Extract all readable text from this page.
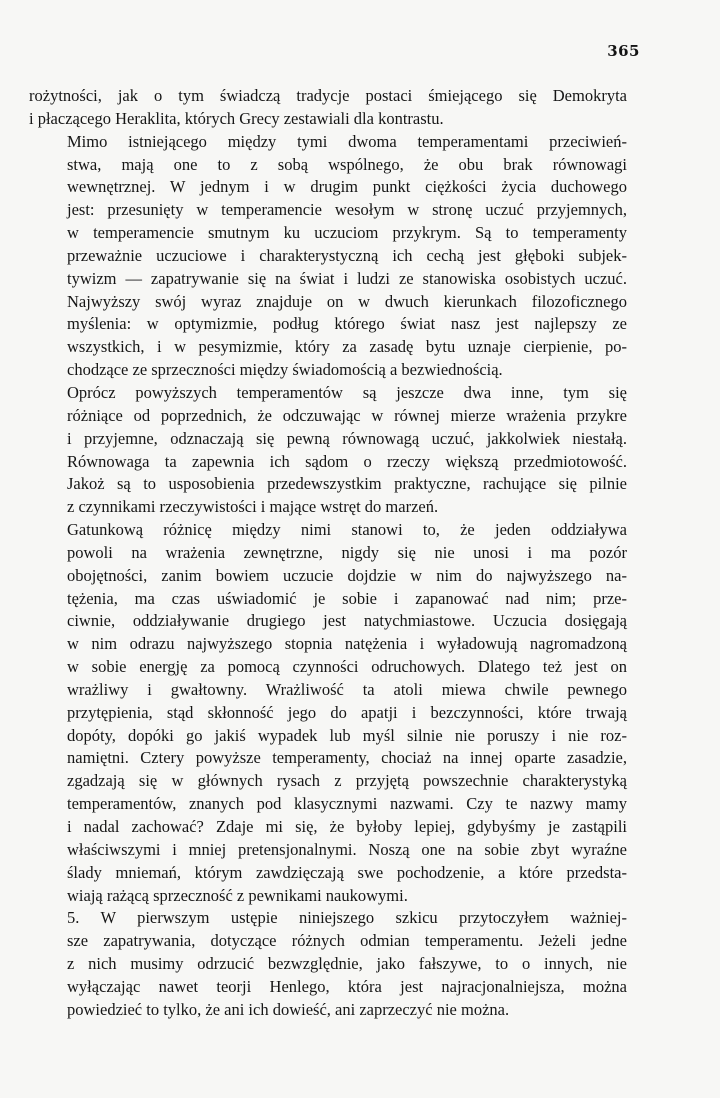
365

rożytności, jak o tym świadczą tradycje postaci śmiejącego się Demokryta
i płaczącego Heraklita, których Grecy zestawiali dla kontrastu.

Mimo istniejącego między tymi dwoma temperamentami przeciwień-
stwa, mają one to z sobą wspólnego, że obu brak równowagi
wewnętrznej. W jednym i w drugim punkt ciężkości życia duchowego
jest: przesunięty w temperamencie wesołym w stronę uczuć przyjemnych,
w temperamencie smutnym ku uczuciom przykrym. Są to temperamenty
przeważnie uczuciowe i charakterystyczną ich cechą jest głęboki subjek-
tywizm — zapatrywanie się na świat i ludzi ze stanowiska osobistych uczuć.
Najwyższy swój wyraz znajduje on w dwuch kierunkach filozoficznego
myślenia: w optymizmie, podług którego świat nasz jest najlepszy ze
wszystkich, i w pesymizmie, który za zasadę bytu uznaje cierpienie, po-
chodzące ze sprzeczności między świadomością a bezwiednością.

Oprócz powyższych temperamentów są jeszcze dwa inne, tym się
różniące od poprzednich, że odczuwając w równej mierze wrażenia przykre
i przyjemne, odznaczają się pewną równowagą uczuć, jakkolwiek niestałą.
Równowaga ta zapewnia ich sądom o rzeczy większą przedmiotowość.
Jakoż są to usposobienia przedewszystkim praktyczne, rachujące się pilnie
z czynnikami rzeczywistości i mające wstręt do marzeń.

Gatunkową różnicę między nimi stanowi to, że jeden oddziaływa
powoli na wrażenia zewnętrzne, nigdy się nie unosi i ma pozór
obojętności, zanim bowiem uczucie dojdzie w nim do najwyższego na-
tężenia, ma czas uświadomić je sobie i zapanować nad nim; prze-
ciwnie, oddziaływanie drugiego jest natychmiastowe. Uczucia dosięgają
w nim odrazu najwyższego stopnia natężenia i wyładowują nagromadzoną
w sobie energję za pomocą czynności odruchowych. Dlatego też jest on
wrażliwy i gwałtowny. Wrażliwość ta atoli miewa chwile pewnego
przytępienia, stąd skłonność jego do apatji i bezczynności, które trwają
dopóty, dopóki go jakiś wypadek lub myśl silnie nie poruszy i nie roz-
namiętni. Cztery powyższe temperamenty, chociaż na innej oparte zasadzie,
zgadzają się w głównych rysach z przyjętą powszechnie charakterystyką
temperamentów, znanych pod klasycznymi nazwami. Czy te nazwy mamy
i nadal zachować? Zdaje mi się, że byłoby lepiej, gdybyśmy je zastąpili
właściwszymi i mniej pretensjonalnymi. Noszą one na sobie zbyt wyraźne
ślady mniemań, którym zawdzięczają swe pochodzenie, a które przedsta-
wiają rażącą sprzeczność z pewnikami naukowymi.

5. W pierwszym ustępie niniejszego szkicu przytoczyłem ważniej-
sze zapatrywania, dotyczące różnych odmian temperamentu. Jeżeli jedne
z nich musimy odrzucić bezwzględnie, jako fałszywe, to o innych, nie
wyłączając nawet teorji Henlego, która jest najracjonalniejsza, można
powiedzieć to tylko, że ani ich dowieść, ani zaprzeczyć nie można.
